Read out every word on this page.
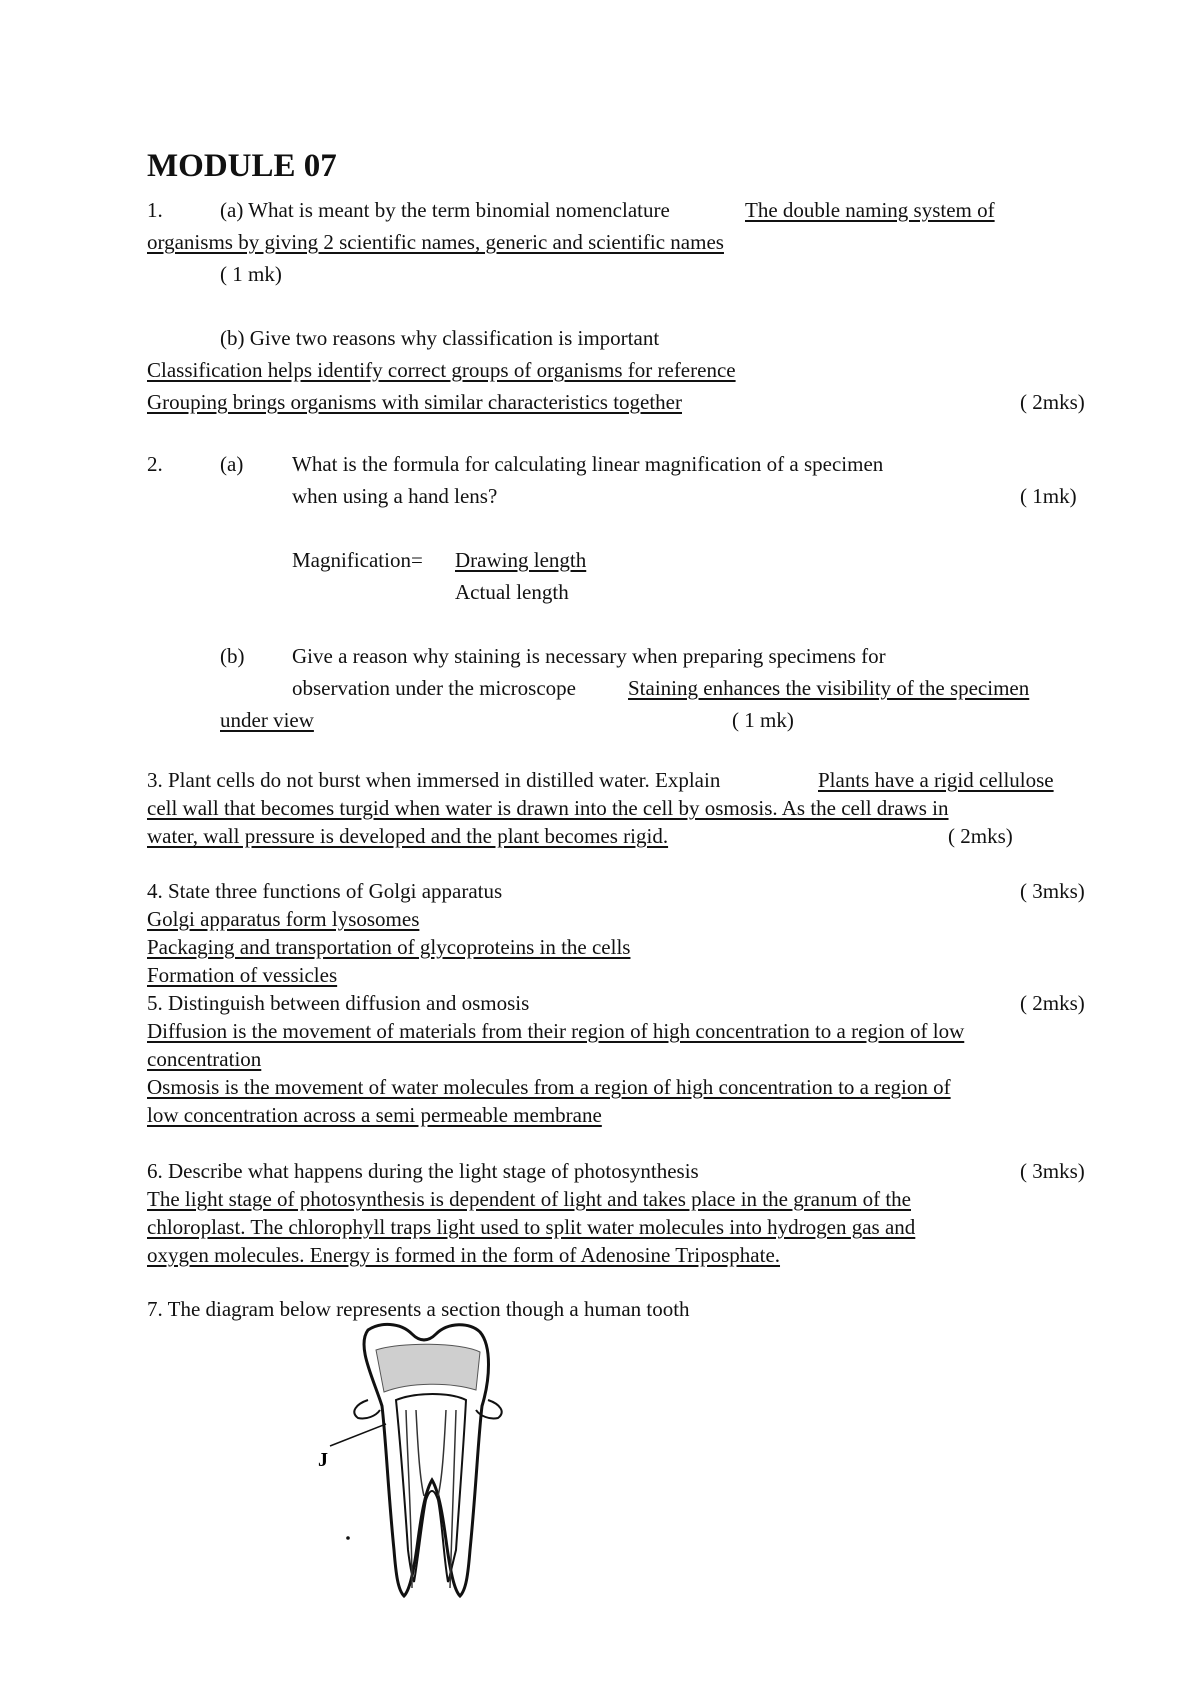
MODULE 07
1.	(a) What is meant by the term binomial nomenclature	The double naming system of
organisms by giving 2 scientific names, generic and scientific names
( 1 mk)
(b) Give two reasons why classification is important
Classification helps identify correct groups of organisms for reference
Grouping brings organisms with similar characteristics together	( 2mks)
2.	(a) What is the formula for calculating linear magnification of a specimen
when using a hand lens?	( 1mk)
Magnification= Drawing length
Actual length
(b) Give a reason why staining is necessary when preparing specimens for
observation under the microscope Staining enhances the visibility of the specimen
under view	( 1 mk)
3. Plant cells do not burst when immersed in distilled water. Explain	Plants have a rigid cellulose
cell wall that becomes turgid when water is drawn into the cell by osmosis. As the cell draws in
water, wall pressure is developed and the plant becomes rigid.	( 2mks)
4. State three functions of Golgi apparatus	( 3mks)
Golgi apparatus form lysosomes
Packaging and transportation of glycoproteins in the cells
Formation of vessicles
5. Distinguish between diffusion and osmosis	( 2mks)
Diffusion is the movement of materials from their region of high concentration to a region of low
concentration
Osmosis is the movement of water molecules from a region of high concentration to a region of
low concentration across a semi permeable membrane
6. Describe what happens during the light stage of photosynthesis	( 3mks)
The light stage of photosynthesis is dependent of light and takes place in the granum of the
chloroplast. The chlorophyll traps light used to split water molecules into hydrogen gas and
oxygen molecules. Energy is formed in the form of Adenosine Triposphate.
7. The diagram below represents a section though a human tooth
J
